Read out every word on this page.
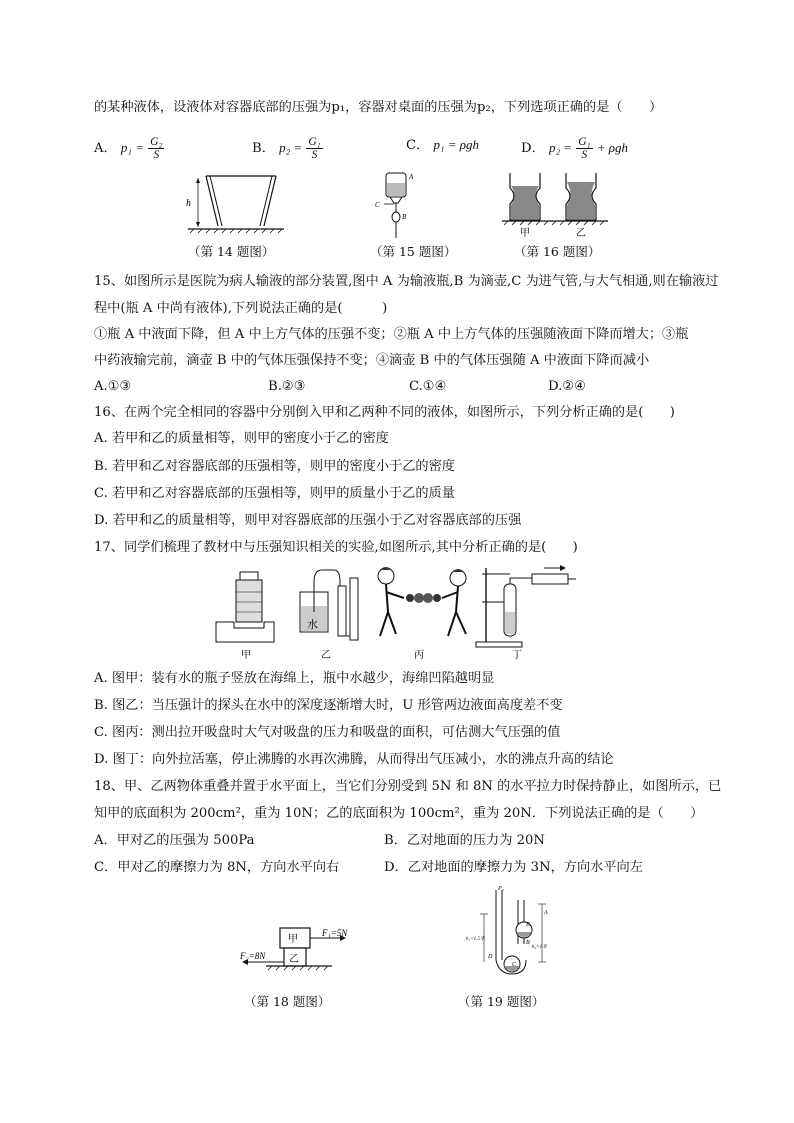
的某种液体，设液体对容器底部的压强为p₁，容器对桌面的压强为p₂，下列选项正确的是（　　）
A． $p_1 = \frac{\text{G₂}}{S}$	B． $p_2 = \frac{\text{G₁}}{S}$	C． p₁ = ρgh	D． $p_2 = \frac{\text{G₁}}{S} + \rho gh$
h
A
C
B
甲	乙
（第 14 题图）	（第 15 题图）	（第 16 题图）
15、如图所示是医院为病人输液的部分装置,图中 A 为输液瓶,B 为滴壶,C 为进气管,与大气相通,则在输液过
程中(瓶 A 中尚有液体),下列说法正确的是(　　　)
①瓶 A 中液面下降，但 A 中上方气体的压强不变；②瓶 A 中上方气体的压强随液面下降而增大；③瓶
中药液输完前，滴壶 B 中的气体压强保持不变；④滴壶 B 中的气体压强随 A 中液面下降而减小
A.①③	B.②③	C.①④	D.②④
16、在两个完全相同的容器中分别倒入甲和乙两种不同的液体，如图所示，下列分析正确的是(　　)
A. 若甲和乙的质量相等，则甲的密度小于乙的密度
B. 若甲和乙对容器底部的压强相等，则甲的密度小于乙的密度
C. 若甲和乙对容器底部的压强相等，则甲的质量小于乙的质量
D. 若甲和乙的质量相等，则甲对容器底部的压强小于乙对容器底部的压强
17、同学们梳理了教材中与压强知识相关的实验,如图所示,其中分析正确的是(　　)
甲
水
乙	丙	丁
A. 图甲：装有水的瓶子竖放在海绵上，瓶中水越少，海绵凹陷越明显
B. 图乙：当压强计的探头在水中的深度逐渐增大时，U 形管两边液面高度差不变
C. 图丙：测出拉开吸盘时大气对吸盘的压力和吸盘的面积，可估测大气压强的值
D. 图丁：向外拉活塞，停止沸腾的水再次沸腾，从而得出气压减小，水的沸点升高的结论
18、甲、乙两物体重叠并置于水平面上，当它们分别受到 5N 和 8N 的水平拉力时保持静止，如图所示，已
知甲的底面积为 200cm²，重为 10N；乙的底面积为 100cm²，重为 20N．下列说法正确的是（　　）
A．甲对乙的压强为 500Pa	B．乙对地面的压力为 20N
C．甲对乙的摩擦力为 8N，方向水平向右	D．乙对地面的摩擦力为 3N，方向水平向左
甲
乙
F₁=5N
F₂=8N
P₀
h₁=1.5米
h₂=1米
A
B
C
D
E
（第 18 题图）	（第 19 题图）
